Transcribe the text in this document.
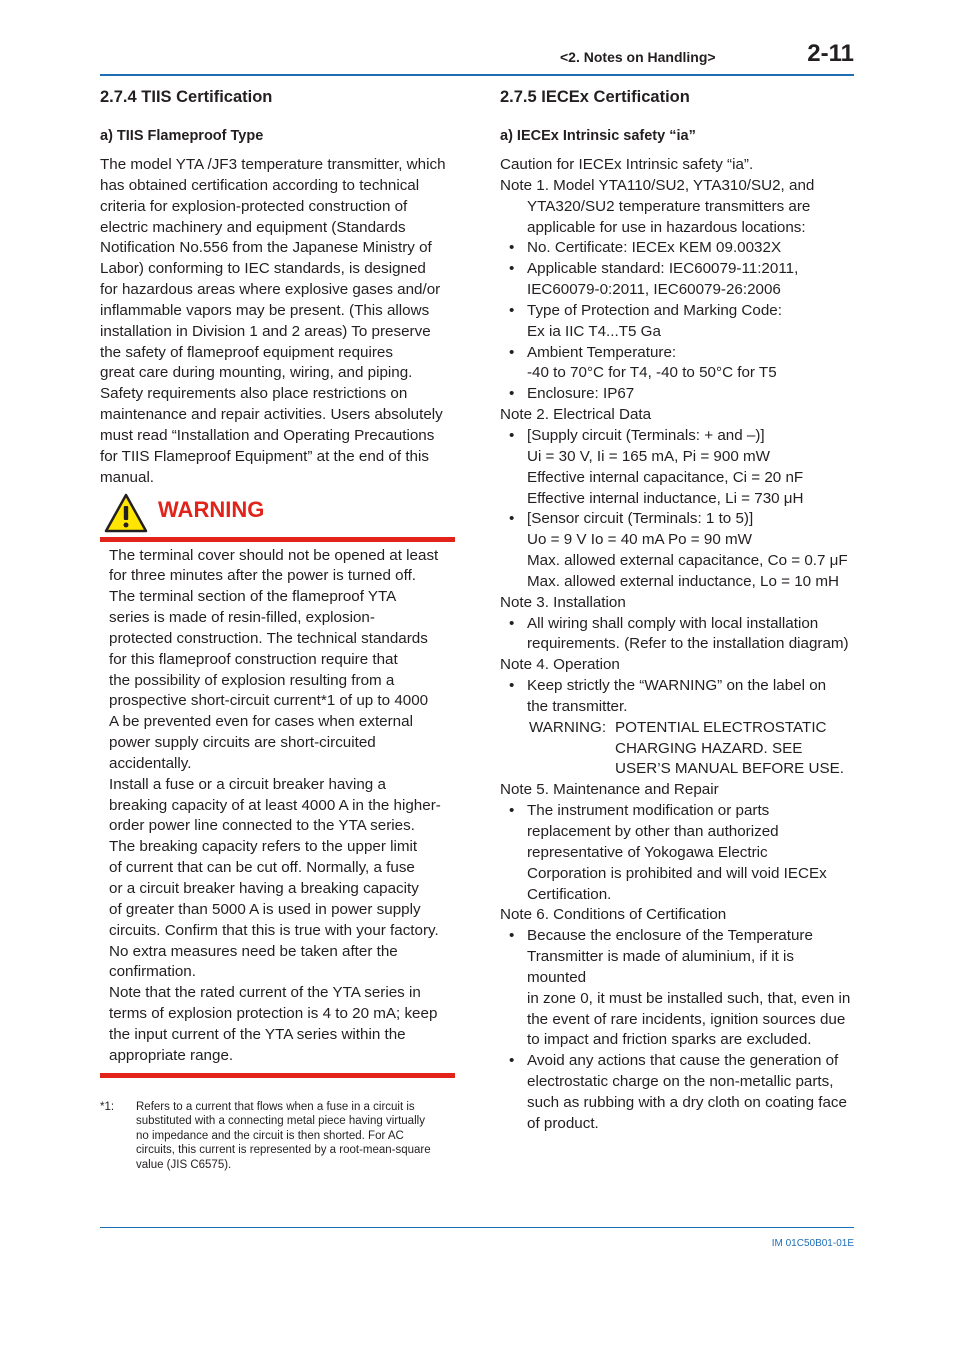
<2. Notes on Handling>	2-11
2.7.4 TIIS Certification
a) TIIS Flameproof Type
The model YTA /JF3 temperature transmitter, which
has obtained certification according to technical
criteria for explosion-protected construction of
electric machinery and equipment (Standards
Notification No.556 from the Japanese Ministry of
Labor) conforming to IEC standards, is designed
for hazardous areas where explosive gases and/or
inflammable vapors may be present. (This allows
installation in Division 1 and 2 areas) To preserve
the safety of flameproof equipment requires
great care during mounting, wiring, and piping.
Safety requirements also place restrictions on
maintenance and repair activities. Users absolutely
must read “Installation and Operating Precautions
for TIIS Flameproof Equipment” at the end of this
manual.
WARNING

The terminal cover should not be opened at least

for three minutes after the power is turned off.

The terminal section of the flameproof YTA

series is made of resin-filled, explosion-

protected construction. The technical standards

for this flameproof construction require that

the possibility of explosion resulting from a

prospective short-circuit current*1 of up to 4000

A be prevented even for cases when external

power supply circuits are short-circuited

accidentally.

Install a fuse or a circuit breaker having a

breaking capacity of at least 4000 A in the higher-

order power line connected to the YTA series.

The breaking capacity refers to the upper limit

of current that can be cut off. Normally, a fuse

or a circuit breaker having a breaking capacity

of greater than 5000 A is used in power supply

circuits. Confirm that this is true with your factory.

No extra measures need be taken after the

confirmation.

Note that the rated current of the YTA series in

terms of explosion protection is 4 to 20 mA; keep

the input current of the YTA series within the

appropriate range.

*1:	Refers to a current that flows when a fuse in a circuit is
substituted with a connecting metal piece having virtually
no impedance and the circuit is then shorted. For AC
circuits, this current is represented by a root-mean-square
value (JIS C6575).
2.7.5 IECEx Certification
a) IECEx Intrinsic safety “ia”
Caution for IECEx Intrinsic safety “ia”.
Note 1. Model YTA110/SU2, YTA310/SU2, and
YTA320/SU2 temperature transmitters are
applicable for use in hazardous locations:
• No. Certificate: IECEx KEM 09.0032X
• Applicable standard: IEC60079-11:2011,
IEC60079-0:2011, IEC60079-26:2006
• Type of Protection and Marking Code:
Ex ia IIC T4...T5 Ga
• Ambient Temperature:
-40 to 70°C for T4, -40 to 50°C for T5
• Enclosure: IP67
Note 2. Electrical Data
• [Supply circuit (Terminals: + and –)]
Ui = 30 V, Ii = 165 mA, Pi = 900 mW
Effective internal capacitance, Ci = 20 nF
Effective internal inductance, Li = 730 μH
• [Sensor circuit (Terminals: 1 to 5)]
Uo = 9 V Io = 40 mA Po = 90 mW
Max. allowed external capacitance, Co = 0.7 μF
Max. allowed external inductance, Lo = 10 mH
Note 3. Installation
• All wiring shall comply with local installation
requirements. (Refer to the installation diagram)
Note 4. Operation
• Keep strictly the “WARNING” on the label on
the transmitter.
WARNING: POTENTIAL ELECTROSTATIC
CHARGING HAZARD. SEE
USER’S MANUAL BEFORE USE.
Note 5. Maintenance and Repair
• The instrument modification or parts
replacement by other than authorized
representative of Yokogawa Electric
Corporation is prohibited and will void IECEx
Certification.
Note 6. Conditions of Certification
• Because the enclosure of the Temperature
Transmitter is made of aluminium, if it is mounted
in zone 0, it must be installed such, that, even in
the event of rare incidents, ignition sources due
to impact and friction sparks are excluded.
• Avoid any actions that cause the generation of
electrostatic charge on the non-metallic parts,
such as rubbing with a dry cloth on coating face
of product.
IM 01C50B01-01E
